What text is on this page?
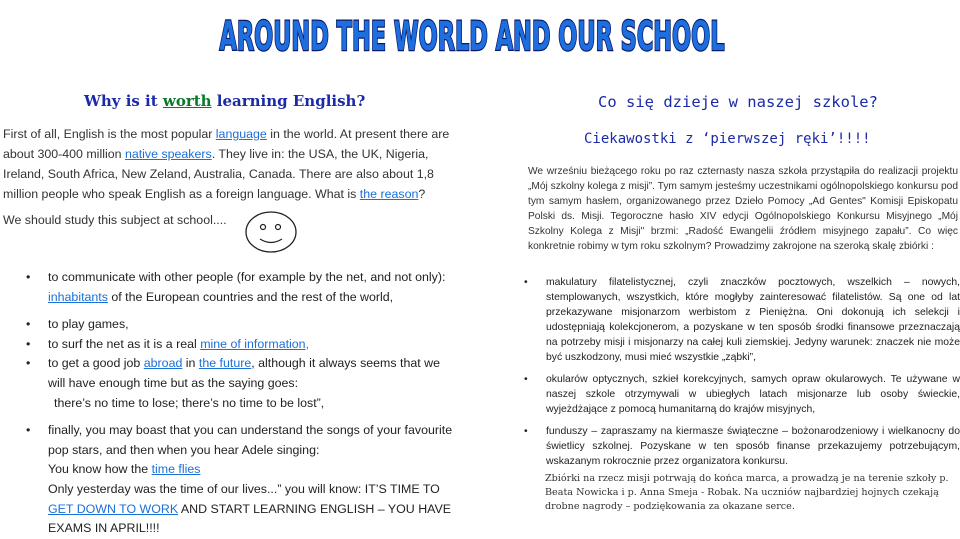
AROUND THE WORLD AND OUR SCHOOL
Why is it worth learning English?
First of all, English is the most popular language in the world. At present there are about 300-400 million native speakers. They live in: the USA, the UK, Nigeria, Ireland, South Africa, New Zeland, Australia, Canada. There are also about 1,8 million people who speak English as a foreign language. What is the reason?
We should study this subject at school....
• to communicate with other people (for example by the net, and not only): inhabitants of the European countries and the rest of the world,
• to play games,
• to surf the net as it is a real mine of information,
• to get a good job abroad in the future, although it always seems that we will have enough time but as the saying goes:
there’s no time to lose; there’s no time to be lost”,
• finally, you may boast that you can understand the songs of your favourite pop stars, and then when you hear Adele singing:
You know how the time flies
Only yesterday was the time of our lives...” you will know: IT’S TIME TO GET DOWN TO WORK AND START LEARNING ENGLISH – YOU HAVE EXAMS IN APRIL!!!!
Co się dzieje w naszej szkole?
Ciekawostki z ‘pierwszej ręki’!!!!
We wrześniu bieżącego roku po raz czternasty nasza szkoła przystąpiła do realizacji projektu „Mój szkolny kolega z misji”. Tym samym jesteśmy uczestnikami ogólnopolskiego konkursu pod tym samym hasłem, organizowanego przez Dzieło Pomocy „Ad Gentes" Komisji Episkopatu Polski ds. Misji. Tegoroczne hasło XIV edycji Ogólnopolskiego Konkursu Misyjnego „Mój Szkolny Kolega z Misji" brzmi: „Radość Ewangelii źródłem misyjnego zapału”. Co więc konkretnie robimy w tym roku szkolnym? Prowadzimy zakrojone na szeroką skalę zbiórki :
• makulatury filatelistycznej, czyli znaczków pocztowych, wszelkich – nowych, stemplowanych, wszystkich, które mogłyby zainteresować filatelistów. Są one od lat przekazywane misjonarzom werbistom z Pieniężna. Oni dokonują ich selekcji i udostępniają kolekcjonerom, a pozyskane w ten sposób środki finansowe przeznaczają na potrzeby misji i misjonarzy na całej kuli ziemskiej. Jedyny warunek: znaczek nie może być uszkodzony, musi mieć wszystkie „ząbki”,
• okularów optycznych, szkieł korekcyjnych, samych opraw okularowych. Te używane w naszej szkole otrzymywali w ubiegłych latach misjonarze lub osoby świeckie, wyjeżdżające z pomocą humanitarną do krajów misyjnych,
• funduszy – zapraszamy na kiermasze świąteczne – bożonarodzeniowy i wielkanocny do świetlicy szkolnej. Pozyskane w ten sposób finanse przekazujemy potrzebującym, wskazanym rokrocznie przez organizatora konkursu.
Zbiórki na rzecz misji potrwają do końca marca, a prowadzą je na terenie szkoły p. Beata Nowicka i p. Anna Smeja - Robak. Na uczniów najbardziej hojnych czekają drobne nagrody – podziękowania za okazane serce.
